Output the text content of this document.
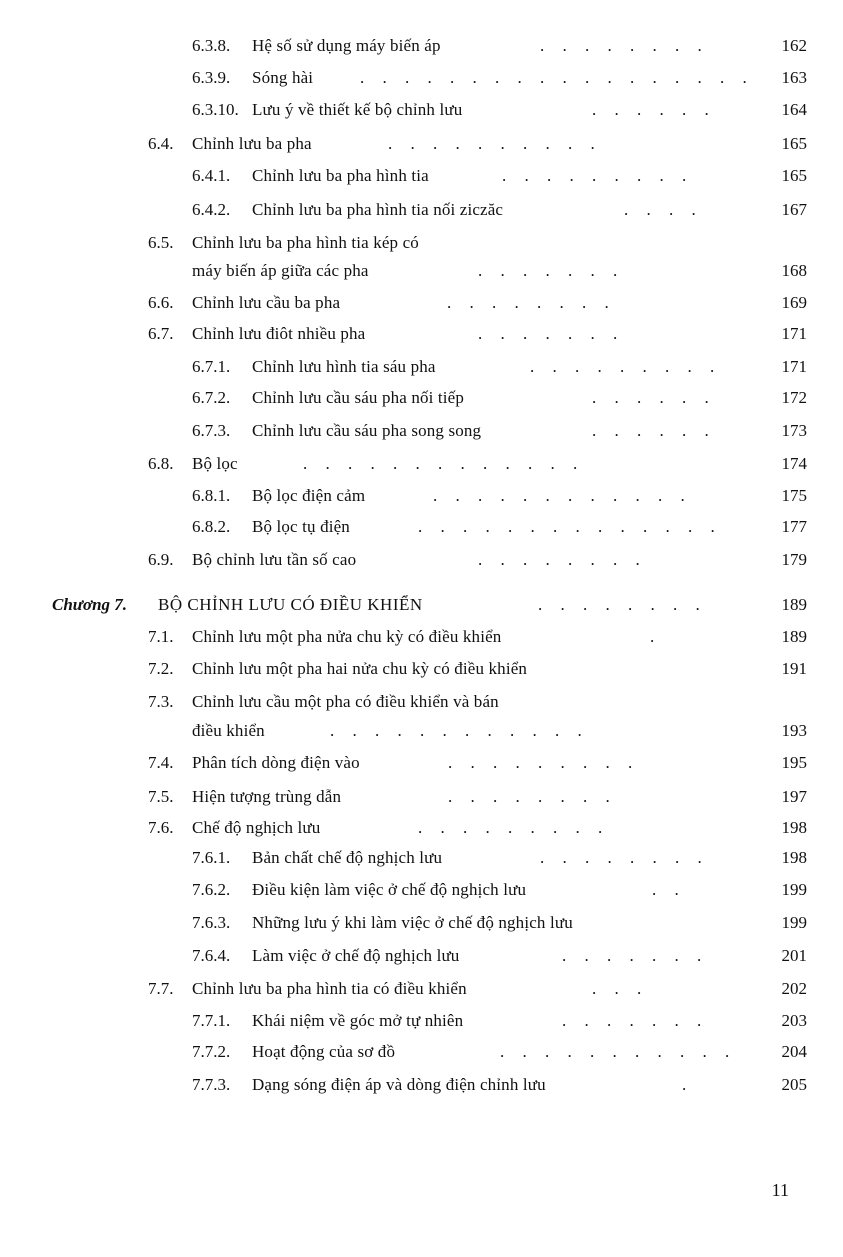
6.3.8. Hệ số sử dụng máy biến áp	. . . . . . . .	162
6.3.9. Sóng hài	. . . . . . . . . . . . . . . . . . 163
6.3.10. Lưu ý về thiết kế bộ chỉnh lưu	. . . . . .	164
6.4. Chỉnh lưu ba pha	. . . . . . . . . .	165
6.4.1. Chỉnh lưu ba pha hình tia	. . . . . . . . .	165
6.4.2. Chỉnh lưu ba pha hình tia nối ziczăc	. . . .	167
6.5. Chỉnh lưu ba pha hình tia kép có
máy biến áp giữa các pha	. . . . . . .	168
6.6. Chỉnh lưu cầu ba pha	. . . . . . . .	169
6.7. Chỉnh lưu điôt nhiều pha	. . . . . . .	171
6.7.1. Chỉnh lưu hình tia sáu pha	. . . . . . . . .	171
6.7.2. Chỉnh lưu cầu sáu pha nối tiếp	. . . . . .	172
6.7.3. Chỉnh lưu cầu sáu pha song song	. . . . . .	173
6.8. Bộ lọc	. . . . . . . . . . . . .	174
6.8.1. Bộ lọc điện cảm	. . . . . . . . . . . .	175
6.8.2. Bộ lọc tụ điện	. . . . . . . . . . . . . .	177
6.9. Bộ chỉnh lưu tần số cao	. . . . . . . .	179
Chương 7. BỘ CHỈNH LƯU CÓ ĐIỀU KHIỂN	. . . . . . . .	189
7.1. Chỉnh lưu một pha nửa chu kỳ có điều khiển	.	189
7.2. Chỉnh lưu một pha hai nửa chu kỳ có điều khiển	191
7.3. Chỉnh lưu cầu một pha có điều khiển và bán
điều khiển	. . . . . . . . . . . .	193
7.4. Phân tích dòng điện vào	. . . . . . . . .	195
7.5. Hiện tượng trùng dẫn	. . . . . . . .	197
7.6. Chế độ nghịch lưu	. . . . . . . . .	198
7.6.1. Bản chất chế độ nghịch lưu	. . . . . . . .	198
7.6.2. Điều kiện làm việc ở chế độ nghịch lưu	. .	199
7.6.3. Những lưu ý khi làm việc ở chế độ nghịch lưu	199
7.6.4. Làm việc ở chế độ nghịch lưu	. . . . . . .	201
7.7. Chỉnh lưu ba pha hình tia có điều khiển	. . .	202
7.7.1. Khái niệm về góc mở tự nhiên	. . . . . . .	203
7.7.2. Hoạt động của sơ đồ	. . . . . . . . . . .	204
7.7.3. Dạng sóng điện áp và dòng điện chỉnh lưu	.	205
11
